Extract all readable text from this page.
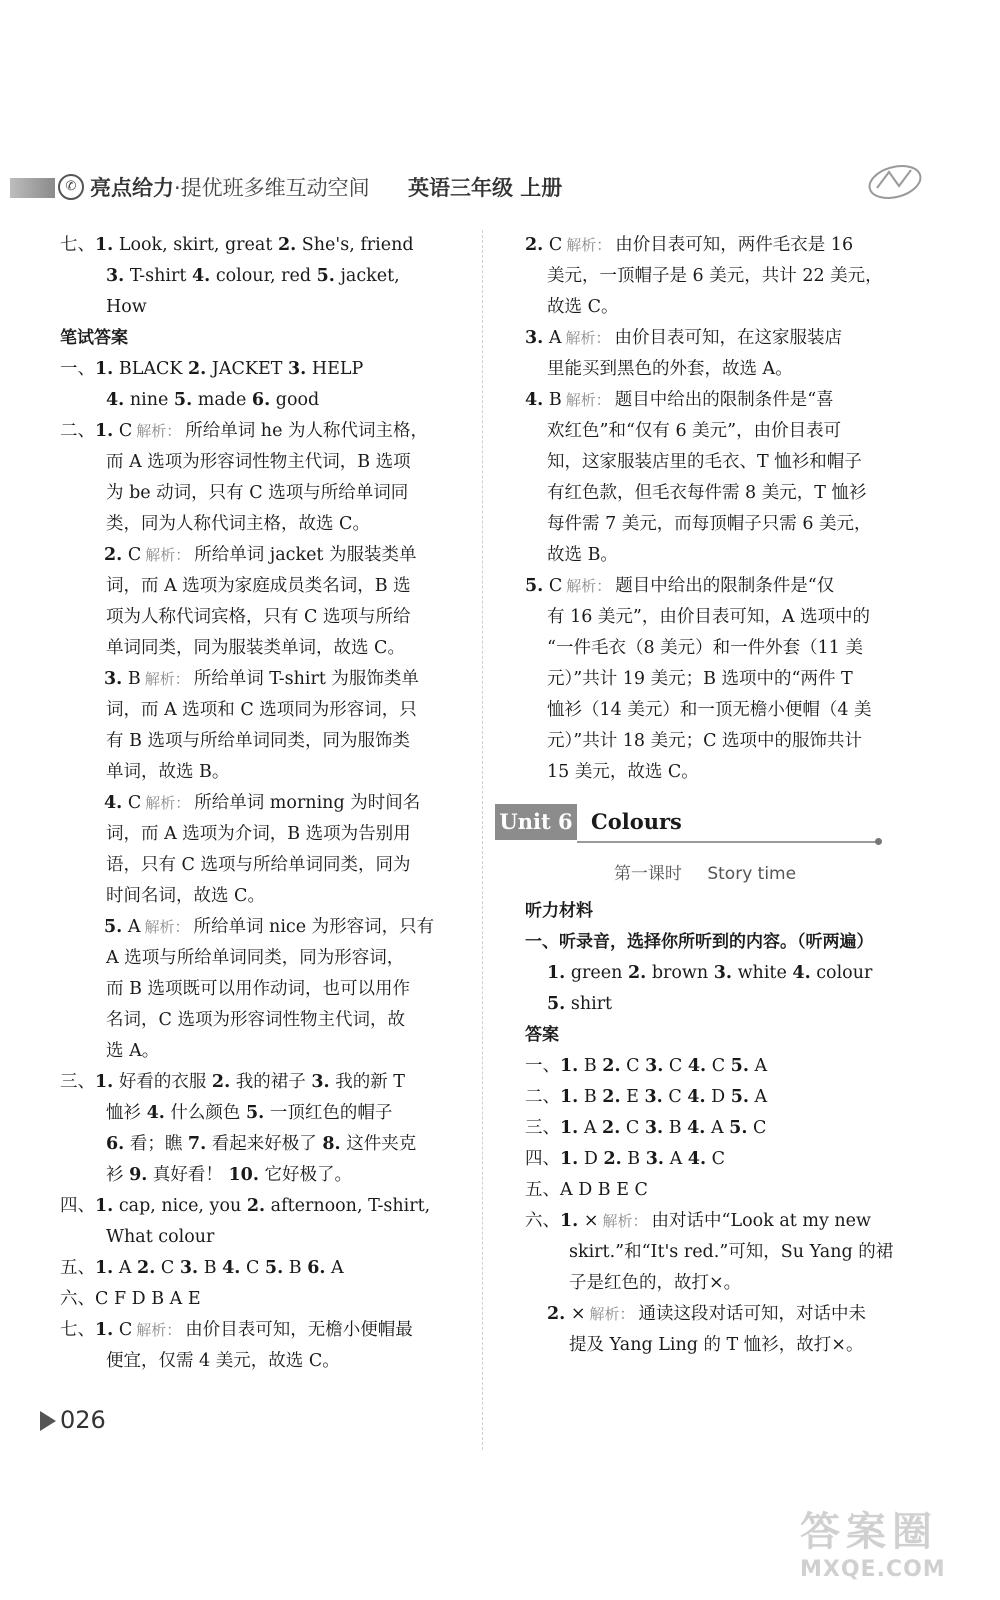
✆ 亮点给力·提优班多维互动空间 英语三年级 上册
七、1. Look, skirt, great 2. She's, friend
3. T-shirt 4. colour, red 5. jacket,
How
笔试答案
一、1. BLACK 2. JACKET 3. HELP
4. nine 5. made 6. good
二、1. C 解析： 所给单词 he 为人称代词主格，
而 A 选项为形容词性物主代词，B 选项
为 be 动词，只有 C 选项与所给单词同
类，同为人称代词主格，故选 C。
2. C 解析： 所给单词 jacket 为服装类单
词，而 A 选项为家庭成员类名词，B 选
项为人称代词宾格，只有 C 选项与所给
单词同类，同为服装类单词，故选 C。
3. B 解析： 所给单词 T-shirt 为服饰类单
词，而 A 选项和 C 选项同为形容词，只
有 B 选项与所给单词同类，同为服饰类
单词，故选 B。
4. C 解析： 所给单词 morning 为时间名
词，而 A 选项为介词，B 选项为告别用
语，只有 C 选项与所给单词同类，同为
时间名词，故选 C。
5. A 解析： 所给单词 nice 为形容词，只有
A 选项与所给单词同类，同为形容词，
而 B 选项既可以用作动词，也可以用作
名词，C 选项为形容词性物主代词，故
选 A。
三、1. 好看的衣服 2. 我的裙子 3. 我的新 T
恤衫 4. 什么颜色 5. 一顶红色的帽子
6. 看；瞧 7. 看起来好极了 8. 这件夹克
衫 9. 真好看！ 10. 它好极了。
四、1. cap, nice, you 2. afternoon, T-shirt,
What colour
五、1. A 2. C 3. B 4. C 5. B 6. A
六、C F D B A E
七、1. C 解析： 由价目表可知，无檐小便帽最
便宜，仅需 4 美元，故选 C。
2. C 解析： 由价目表可知，两件毛衣是 16
美元，一顶帽子是 6 美元，共计 22 美元，
故选 C。
3. A 解析： 由价目表可知，在这家服装店
里能买到黑色的外套，故选 A。
4. B 解析： 题目中给出的限制条件是“喜
欢红色”和“仅有 6 美元”，由价目表可
知，这家服装店里的毛衣、T 恤衫和帽子
有红色款，但毛衣每件需 8 美元，T 恤衫
每件需 7 美元，而每顶帽子只需 6 美元，
故选 B。
5. C 解析： 题目中给出的限制条件是“仅
有 16 美元”，由价目表可知，A 选项中的
“一件毛衣（8 美元）和一件外套（11 美
元）”共计 19 美元；B 选项中的“两件 T
恤衫（14 美元）和一顶无檐小便帽（4 美
元）”共计 18 美元；C 选项中的服饰共计
15 美元，故选 C。
Unit 6 Colours
第一课时 Story time
听力材料
一、听录音，选择你所听到的内容。（听两遍）
1. green 2. brown 3. white 4. colour
5. shirt
答案
一、1. B 2. C 3. C 4. C 5. A
二、1. B 2. E 3. C 4. D 5. A
三、1. A 2. C 3. B 4. A 5. C
四、1. D 2. B 3. A 4. C
五、A D B E C
六、1. × 解析： 由对话中“Look at my new
skirt.”和“It's red.”可知，Su Yang 的裙
子是红色的，故打×。
2. × 解析： 通读这段对话可知，对话中未
提及 Yang Ling 的 T 恤衫，故打×。
026
答案圈
MXQE.COM
